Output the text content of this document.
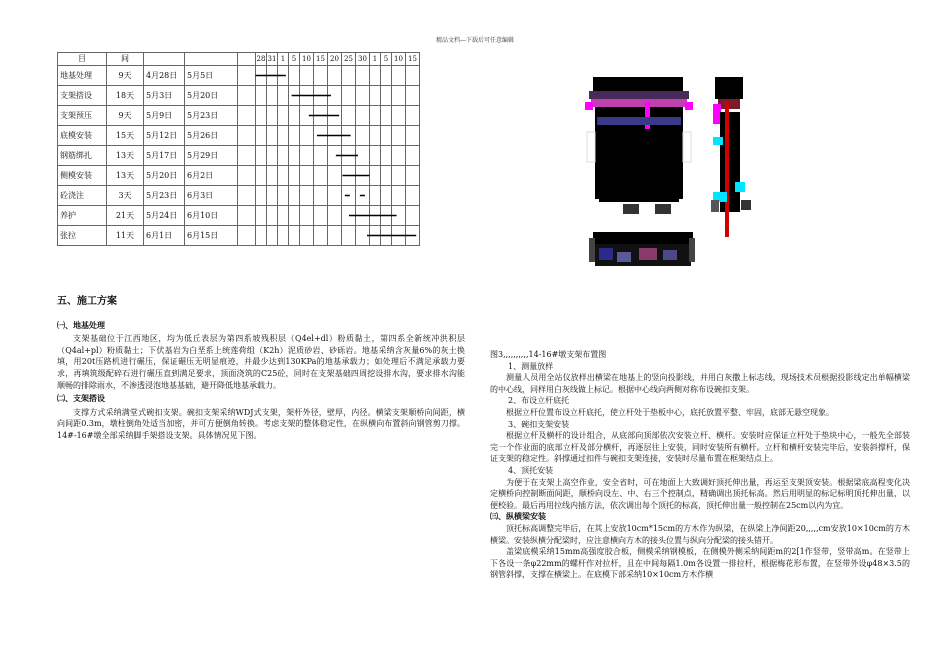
精品文档---下载后可任意编辑
目	间				28	31	1	5	10	15	20	25	30	1	5	10	15
地基处理	9天	4月28日	5月5日														
支架搭设	18天	5月3日	5月20日														
支架预压	9天	5月9日	5月23日														
底模安装	15天	5月12日	5月26日														
钢筋绑扎	13天	5月17日	5月29日														
侧模安装	13天	5月20日	6月2日														
砼浇注	3天	5月23日	6月3日														
养护	21天	5月24日	6月10日														
张拉	11天	6月1日	6月15日														
五、施工方案
㈠、地基处理

支架基础位于江西地区，均为低丘表层为第四系坡残积层（Q4el+dl）粉质黏土，第四系全新统冲洪积层（Q4al+pl）粉质黏土；下伏基岩为白垩系上统莲荷组（K2h）泥质砂岩、砂砾岩。地基采纳含灰量6%的灰土换填，用20t压路机进行碾压，保证碾压无明显痕迹，并最少达到130KPa的地基承载力；如处理后不满足承载力要求，再填筑级配碎石进行碾压直到满足要求，顶面浇筑的C25砼，同时在支架基础四周挖设排水沟，要求排水沟能顺畅的排除雨水，不渗透浸泡地基基础，避开降低地基承载力。

㈡、支架搭设

支撑方式采纳满堂式碗扣支架。碗扣支架采纳WDJ式支架，架杆外径，壁厚，内径。横梁支架顺桥向间距，横向间距0.3m，墩柱倒角处适当加密，并可方便倒角转换。考虑支架的整体稳定性，在纵横向布置斜向钢管剪刀撑。14#-16#墩全部采纳脚手架搭设支架。具体情况见下图。

图3,,,,,,,,,,14-16#墩支架布置图

1、测量放样

测量人员用全站仪放样出横梁在地基上的竖向投影线，并用白灰撒上标志线，现场技术员根据投影线定出单幅横梁的中心线，同样用白灰线做上标记。根据中心线向两侧对称布设碗扣支架。

2、布设立杆底托

根据立杆位置布设立杆底托，使立杆处于垫板中心，底托放置平整、牢固，底部无悬空现象。

3、碗扣支架安装

根据立杆及横杆的设计组合，从底部向顶部依次安装立杆、横杆。安装时应保证立杆处于垫块中心，一般先全部装完一个作业面的底部立杆及部分横杆，再逐层往上安装，同时安装所有横杆。立杆和横杆安装完毕后，安装斜撑杆，保证支架的稳定性。斜撑通过扣件与碗扣支架连接，安装时尽量布置在框架结点上。

4、顶托安装

为便于在支架上高空作业，安全省时，可在地面上大致调好顶托伸出量，再运至支架顶安装。根据梁底高程变化决定横桥向控制断面间距，顺桥向设左、中、右三个控制点，精确调出顶托标高。然后用明显的标记标明顶托伸出量，以便校验。最后再用拉线内插方法，依次调出每个顶托的标高，顶托伸出量一般控制在25cm以内为宜。

㈢、纵横梁安装

顶托标高调整完毕后，在其上安放10cm*15cm的方木作为纵梁，在纵梁上净间距20,,,,,cm安放10×10cm的方木横梁。安装纵横分配梁时，应注意横向方木的接头位置与纵向分配梁的接头错开。

盖梁底模采纳15mm高强度胶合板，侧模采纳钢模板，在侧模外侧采纳间距m的2[1作竖带，竖带高m。在竖带上下各设一条φ22mm的螺杆作对拉杆，且在中间每隔1.0m各设置一排拉杆，根据梅花形布置，在竖带外设φ48×3.5的钢管斜撑，支撑在横梁上。在底模下部采纳10×10cm方木作横
